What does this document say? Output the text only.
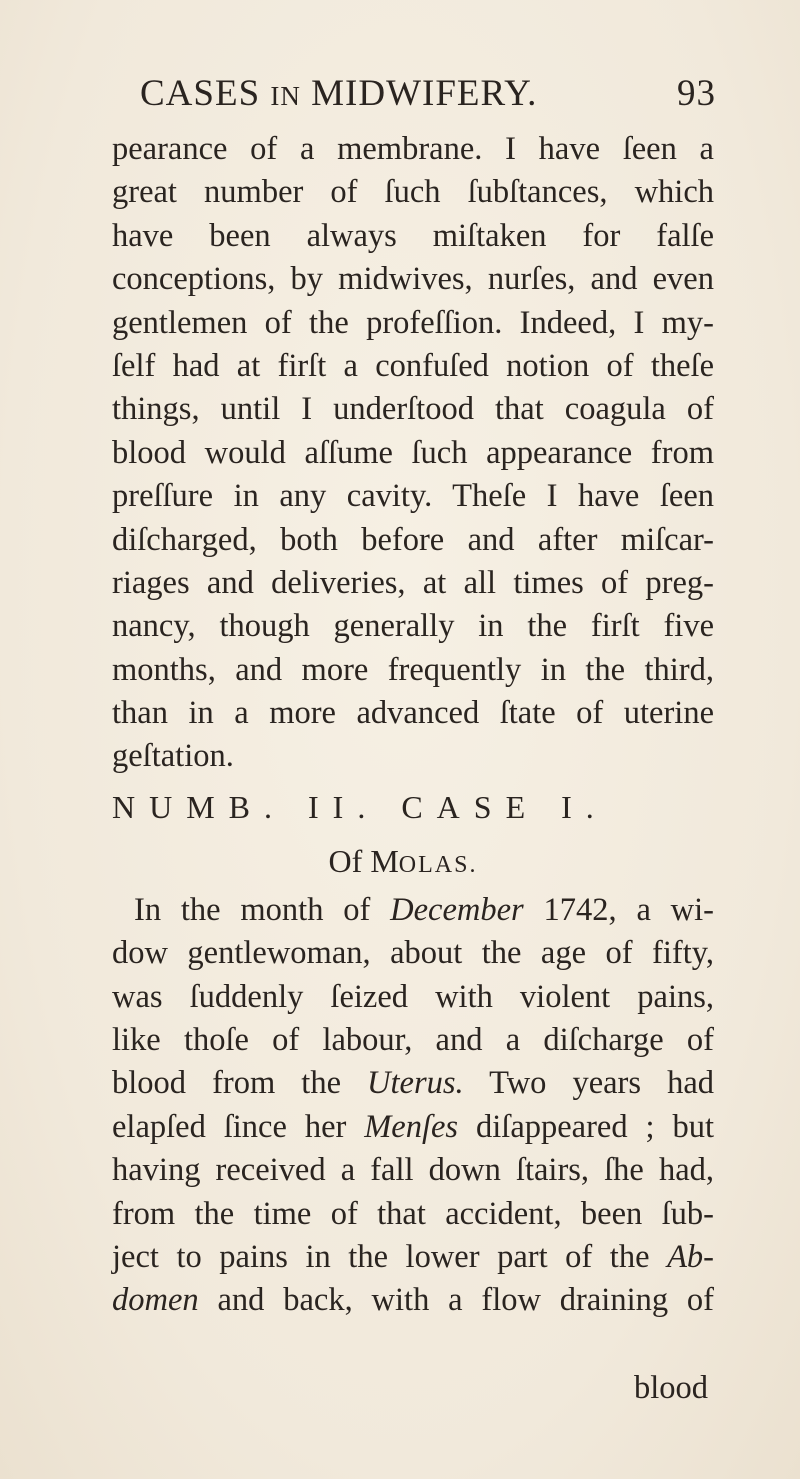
CASES IN MIDWIFERY.	93
pearance of a membrane. I have ſeen a
great number of ſuch ſubſtances, which
have been always miſtaken for falſe
conceptions, by midwives, nurſes, and even
gentlemen of the profeſſion. Indeed, I my-
ſelf had at firſt a confuſed notion of theſe
things, until I underſtood that coagula of
blood would aſſume ſuch appearance from
preſſure in any cavity. Theſe I have ſeen
diſcharged, both before and after miſcar-
riages and deliveries, at all times of preg-
nancy, though generally in the firſt five
months, and more frequently in the third,
than in a more advanced ſtate of uterine
geſtation.
NUMB. II. CASE I.
Of MOLAS.
In the month of December 1742, a wi-
dow gentlewoman, about the age of fifty,
was ſuddenly ſeized with violent pains,
like thoſe of labour, and a diſcharge of
blood from the Uterus. Two years had
elapſed ſince her Menſes diſappeared ; but
having received a fall down ſtairs, ſhe had,
from the time of that accident, been ſub-
ject to pains in the lower part of the Ab-
domen and back, with a flow draining of
blood
